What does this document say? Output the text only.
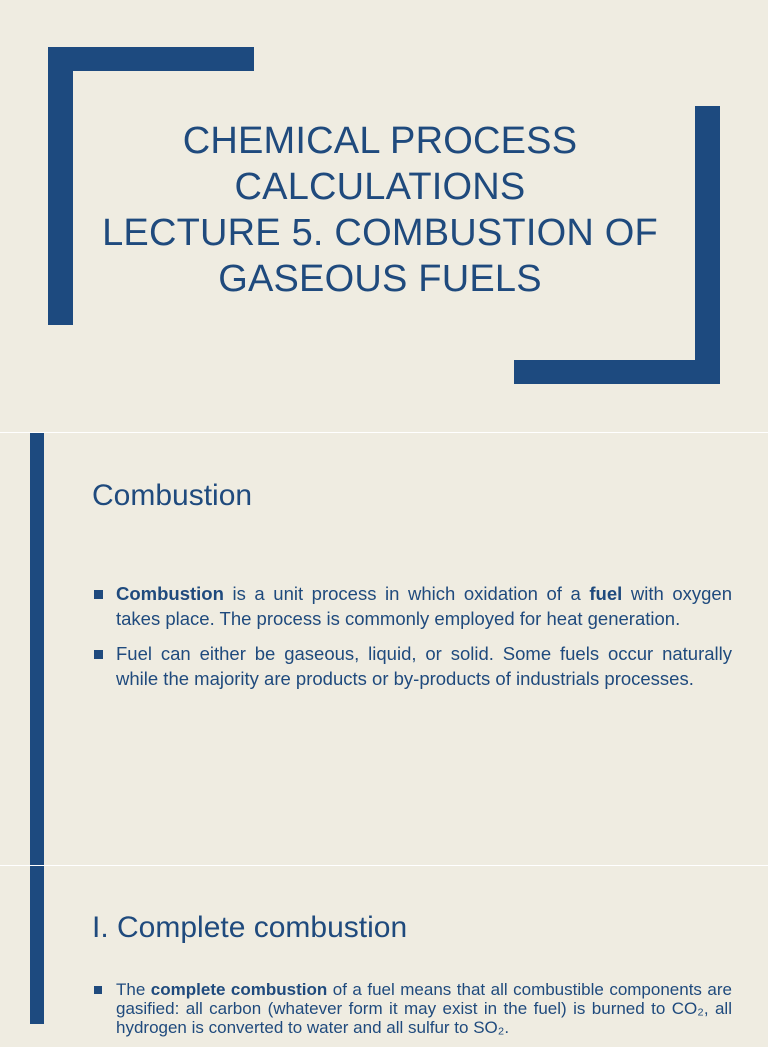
CHEMICAL PROCESS
CALCULATIONS
LECTURE 5. COMBUSTION OF
GASEOUS FUELS
Combustion
Combustion is a unit process in which oxidation of a fuel with oxygen takes place. The process is commonly employed for heat generation.
Fuel can either be gaseous, liquid, or solid. Some fuels occur naturally while the majority are products or by-products of industrials processes.
I. Complete combustion
The complete combustion of a fuel means that all combustible components are gasified: all carbon (whatever form it may exist in the fuel) is burned to CO₂, all hydrogen is converted to water and all sulfur to SO₂.
